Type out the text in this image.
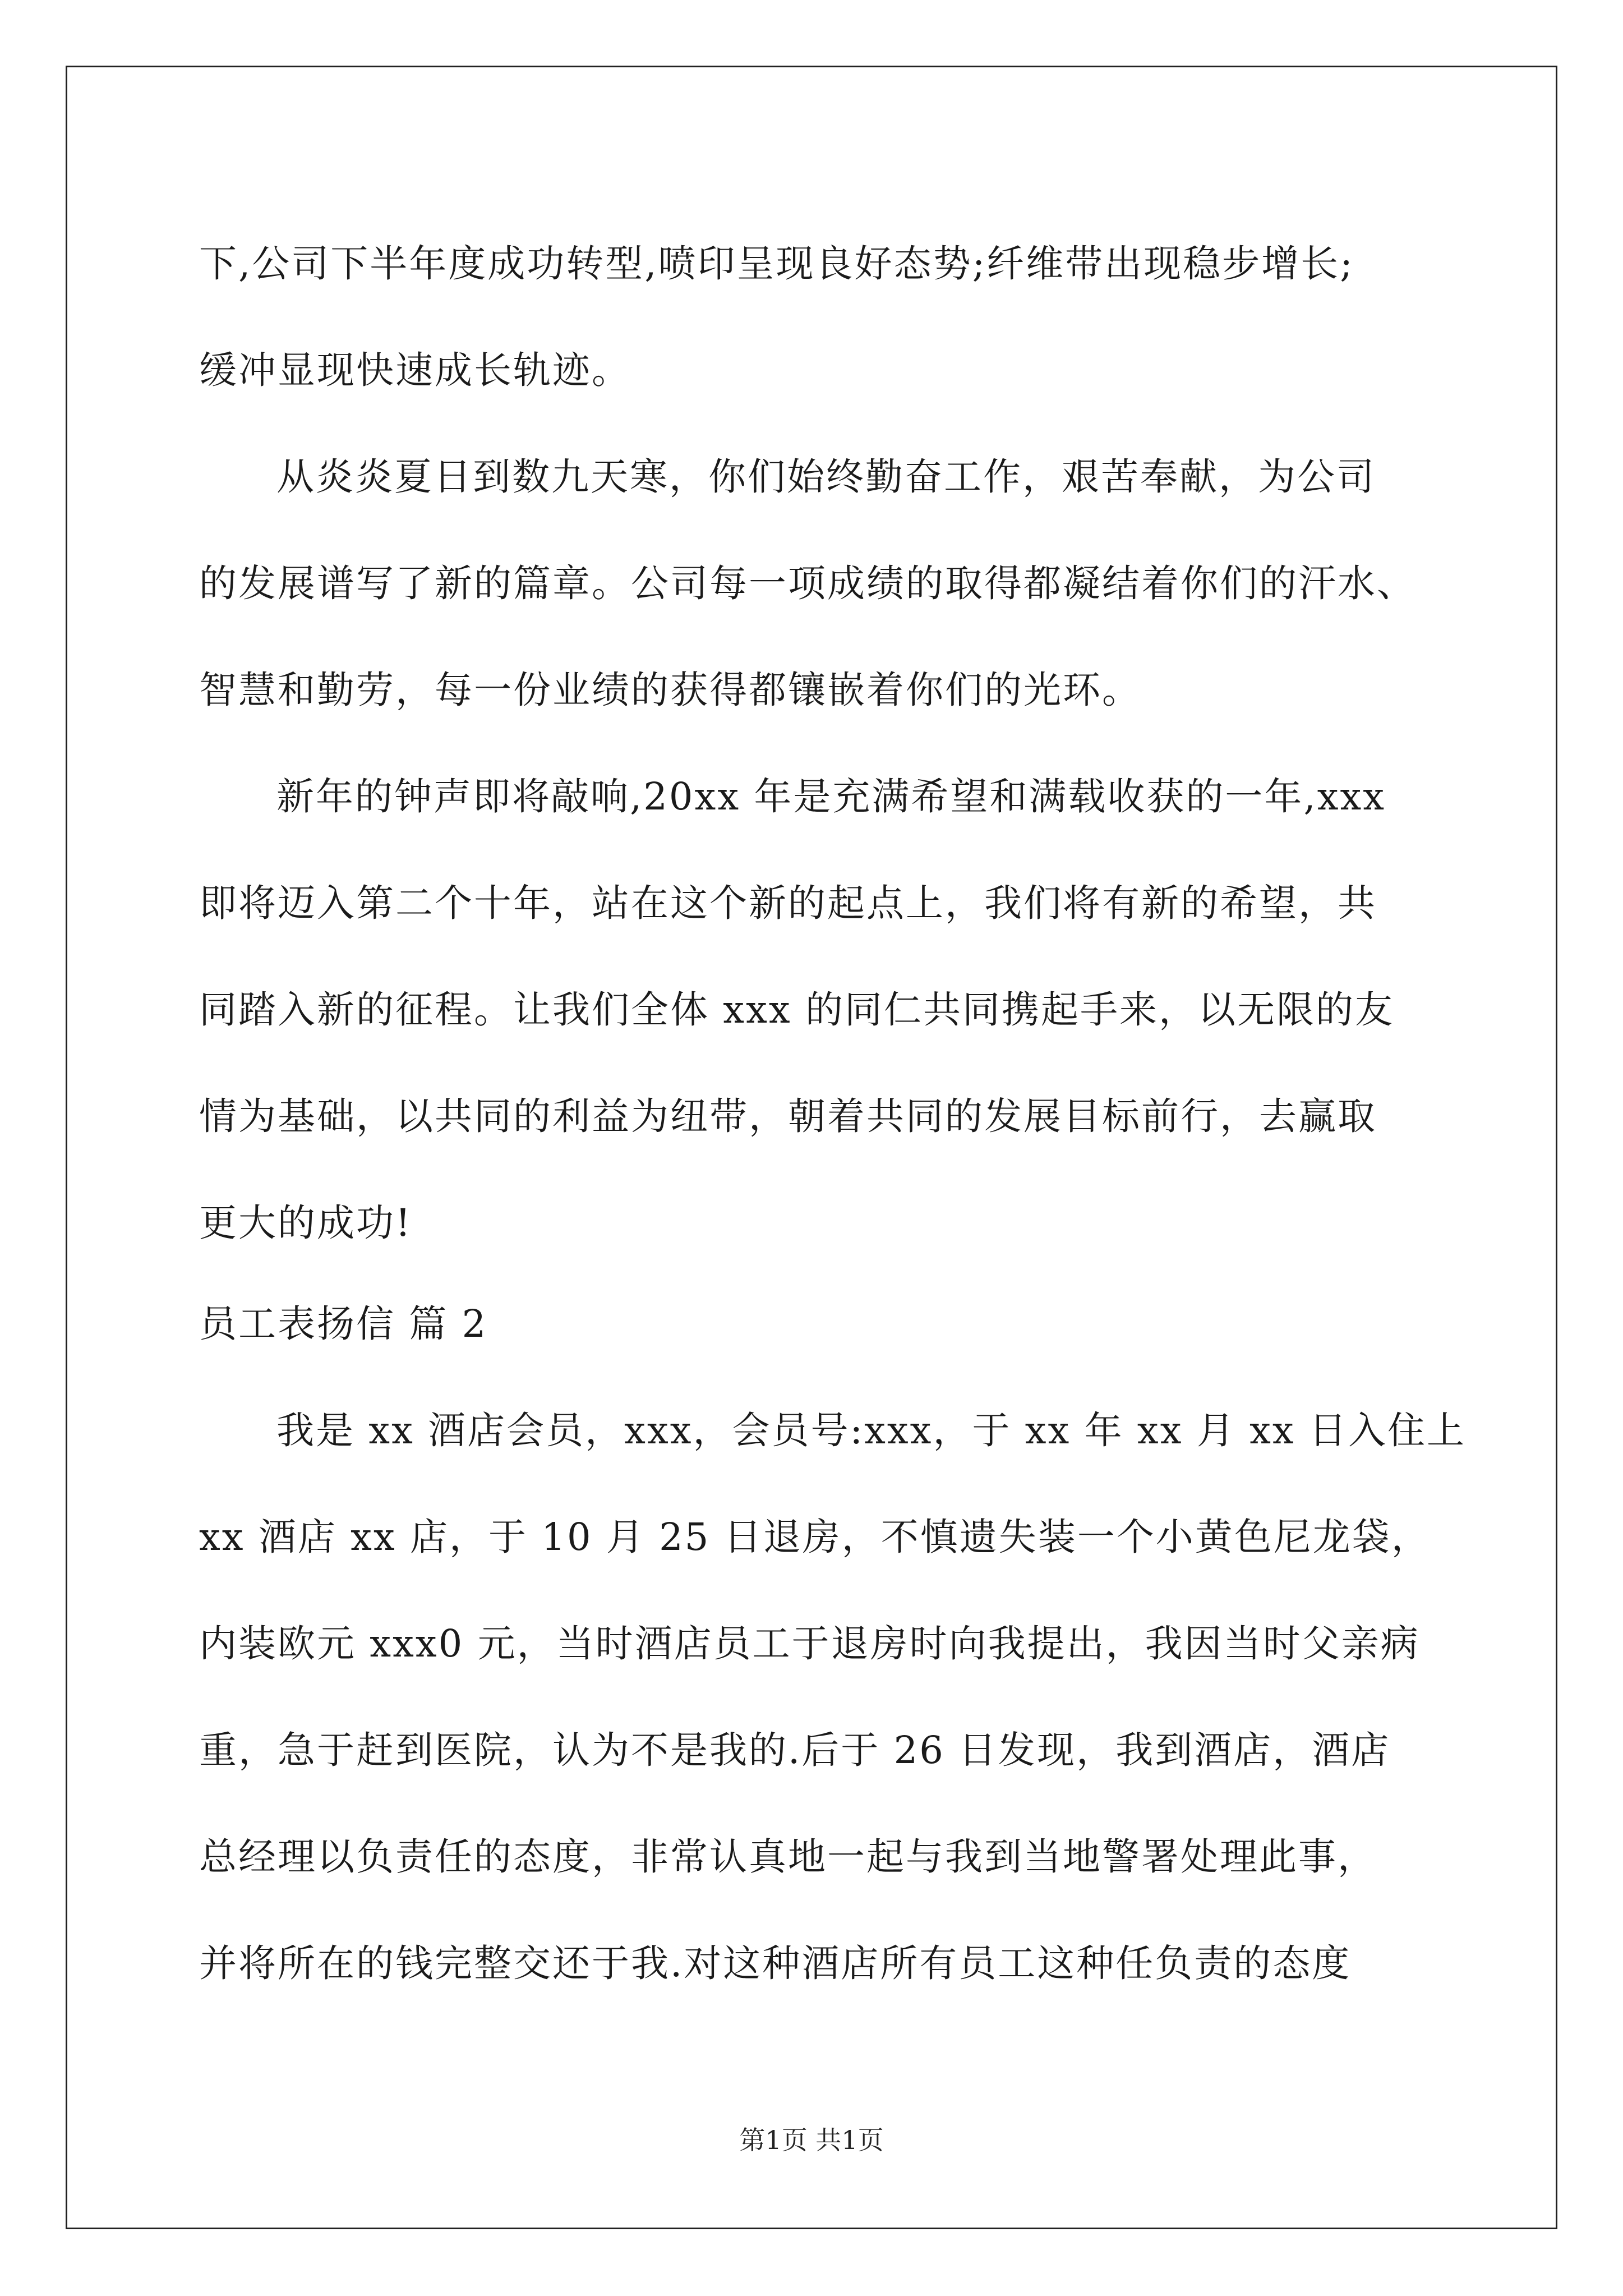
下,公司下半年度成功转型,喷印呈现良好态势;纤维带出现稳步增长;
缓冲显现快速成长轨迹。
从炎炎夏日到数九天寒，你们始终勤奋工作，艰苦奉献，为公司
的发展谱写了新的篇章。公司每一项成绩的取得都凝结着你们的汗水、
智慧和勤劳，每一份业绩的获得都镶嵌着你们的光环。
新年的钟声即将敲响,20xx 年是充满希望和满载收获的一年,xxx
即将迈入第二个十年，站在这个新的起点上，我们将有新的希望，共
同踏入新的征程。让我们全体 xxx 的同仁共同携起手来，以无限的友
情为基础，以共同的利益为纽带，朝着共同的发展目标前行，去赢取
更大的成功!
员工表扬信 篇 2
我是 xx 酒店会员，xxx，会员号:xxx，于 xx 年 xx 月 xx 日入住上
xx 酒店 xx 店，于 10 月 25 日退房，不慎遗失装一个小黄色尼龙袋，
内装欧元 xxx0 元，当时酒店员工于退房时向我提出，我因当时父亲病
重，急于赶到医院，认为不是我的.后于 26 日发现，我到酒店，酒店
总经理以负责任的态度，非常认真地一起与我到当地警署处理此事，
并将所在的钱完整交还于我.对这种酒店所有员工这种任负责的态度
第1页 共1页
